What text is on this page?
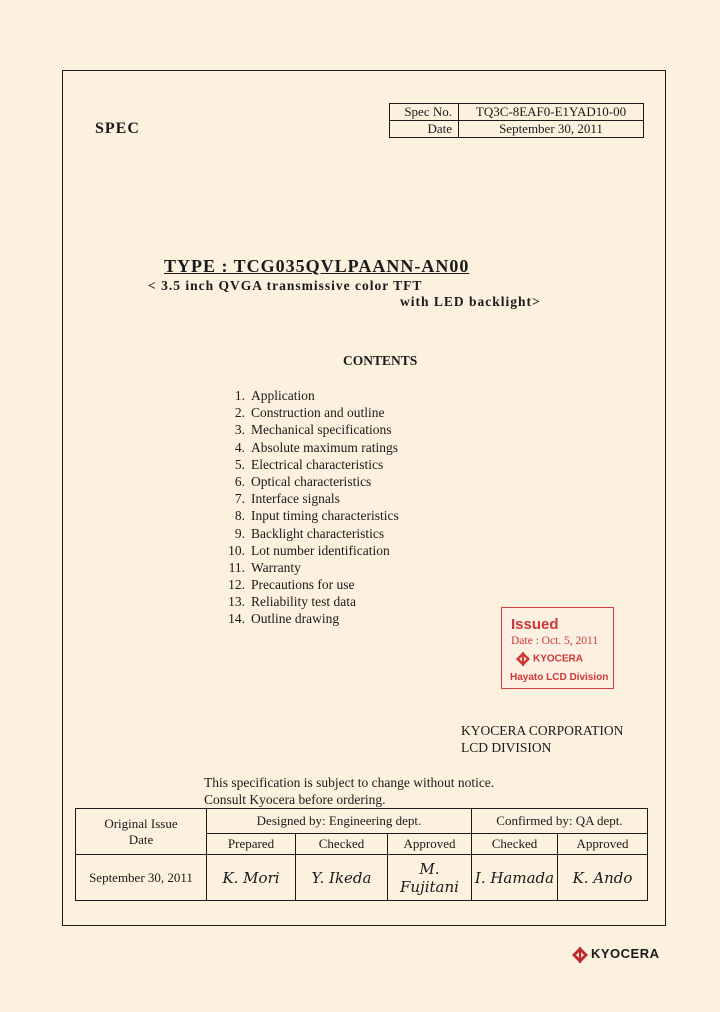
SPEC
Spec No.	TQ3C-8EAF0-E1YAD10-00
Date	September 30, 2011
TYPE : TCG035QVLPAANN-AN00
< 3.5 inch QVGA transmissive color TFT
with LED backlight>
CONTENTS
1. Application
2. Construction and outline
3. Mechanical specifications
4. Absolute maximum ratings
5. Electrical characteristics
6. Optical characteristics
7. Interface signals
8. Input timing characteristics
9. Backlight characteristics
10. Lot number identification
11. Warranty
12. Precautions for use
13. Reliability test data
14. Outline drawing	Issued
Date : Oct. 5, 2011
KYOCERA
Hayato LCD Division
KYOCERA CORPORATION
LCD DIVISION
This specification is subject to change without notice.
Consult Kyocera before ordering.
Original Issue Date	Designed by: Engineering dept.			Confirmed by: QA dept.	
	Prepared	Checked	Approved	Checked	Approved
September 30, 2011	K. Mori	Y. Ikeda	M. Fujitani	I. Hamada	K. Ando
KYOCERA
